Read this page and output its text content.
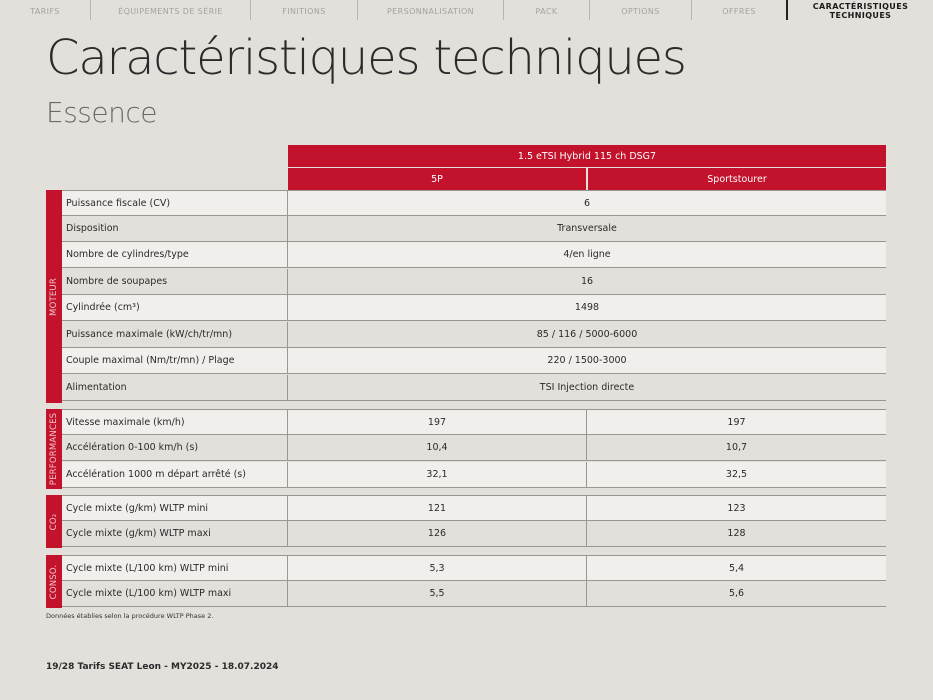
TARIFS	ÉQUIPEMENTS DE SÉRIE	FINITIONS	PERSONNALISATION	PACK	OPTIONS	OFFRES	CARACTÉRISTIQUES
TECHNIQUES
Caractéristiques techniques
Essence
1.5 eTSI Hybrid 115 ch DSG7
5P	Sportstourer
MOTEUR
Puissance fiscale (CV)	6
Disposition	Transversale
Nombre de cylindres/type	4/en ligne
Nombre de soupapes	16
Cylindrée (cm³)	1498
Puissance maximale (kW/ch/tr/mn)	85 / 116 / 5000-6000
Couple maximal (Nm/tr/mn) / Plage	220 / 1500-3000
Alimentation	TSI Injection directe
PERFORMANCES Vitesse maximale (km/h)	197	197
Accélération 0-100 km/h (s)	10,4	10,7
Accélération 1000 m départ arrêté (s)	32,1	32,5
CO₂
Cycle mixte (g/km) WLTP mini	121	123
Cycle mixte (g/km) WLTP maxi	126	128
CONSO. Cycle mixte (L/100 km) WLTP mini	5,3	5,4
Cycle mixte (L/100 km) WLTP maxi	5,5	5,6
Données établies selon la procédure WLTP Phase 2.
19/28 Tarifs SEAT Leon - MY2025 - 18.07.2024
